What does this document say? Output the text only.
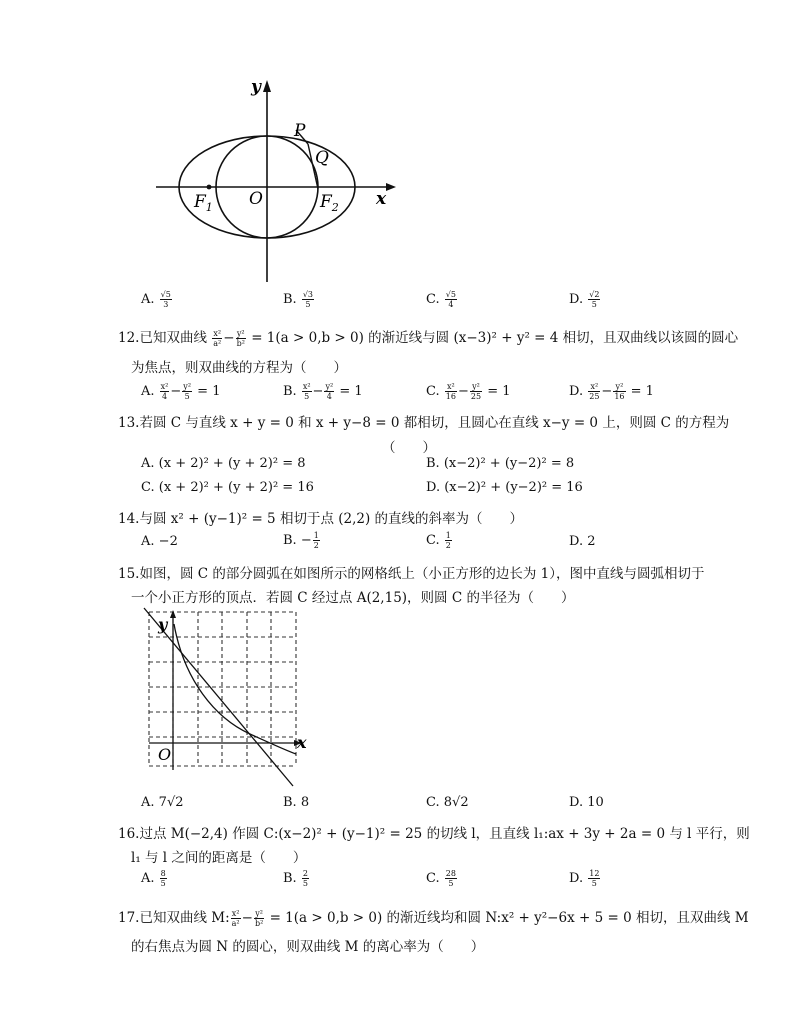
y
x
P
Q
O
$F_1$	$F_2$
A. $\frac{√5}{3}$	B. $\frac{√3}{5}$	C. $\frac{√5}{4}$	D. $\frac{√2}{5}$
12.已知双曲线 $\frac{\text{x²}}{\text{a²}} - \frac{\text{y²}}{\text{b²}} = 1(a > 0,b > 0)$ 的渐近线与圆 (x−3)² + y² = 4 相切，且双曲线以该圆的圆心
为焦点，则双曲线的方程为（　　）
A. $\frac{\text{x²}}{4} - \frac{\text{y²}}{5} = 1$	B. $\frac{\text{x²}}{5} - \frac{\text{y²}}{4} = 1$	C. $\frac{\text{x²}}{16} - \frac{\text{y²}}{25} = 1$	D. $\frac{\text{x²}}{25} - \frac{\text{y²}}{16} = 1$
13.若圆 C 与直线 x + y = 0 和 x + y−8 = 0 都相切，且圆心在直线 x−y = 0 上，则圆 C 的方程为
（　　）
A. (x + 2)² + (y + 2)² = 8	B. (x−2)² + (y−2)² = 8
C. (x + 2)² + (y + 2)² = 16	D. (x−2)² + (y−2)² = 16
14.与圆 x² + (y−1)² = 5 相切于点 (2,2) 的直线的斜率为（　　）
A. −2	B. − $\frac{1}{2}$	C. $\frac{1}{2}$	D. 2
15.如图，圆 C 的部分圆弧在如图所示的网格纸上（小正方形的边长为 1），图中直线与圆弧相切于
一个小正方形的顶点．若圆 C 经过点 A(2,15)，则圆 C 的半径为（　　）
y
x
O
A. 7√2	B. 8	C. 8√2	D. 10
16.过点 M(−2,4) 作圆 C:(x−2)² + (y−1)² = 25 的切线 l，且直线 l₁:ax + 3y + 2a = 0 与 l 平行，则
l₁ 与 l 之间的距离是（　　）
A. $\frac{8}{5}$	B. $\frac{2}{5}$	C. $\frac{28}{5}$	D. $\frac{12}{5}$
17.已知双曲线 M: $\frac{\text{x²}}{\text{a²}} - \frac{\text{y²}}{\text{b²}} = 1(a > 0,b > 0)$ 的渐近线均和圆 N:x² + y²−6x + 5 = 0 相切，且双曲线 M
的右焦点为圆 N 的圆心，则双曲线 M 的离心率为（　　）
